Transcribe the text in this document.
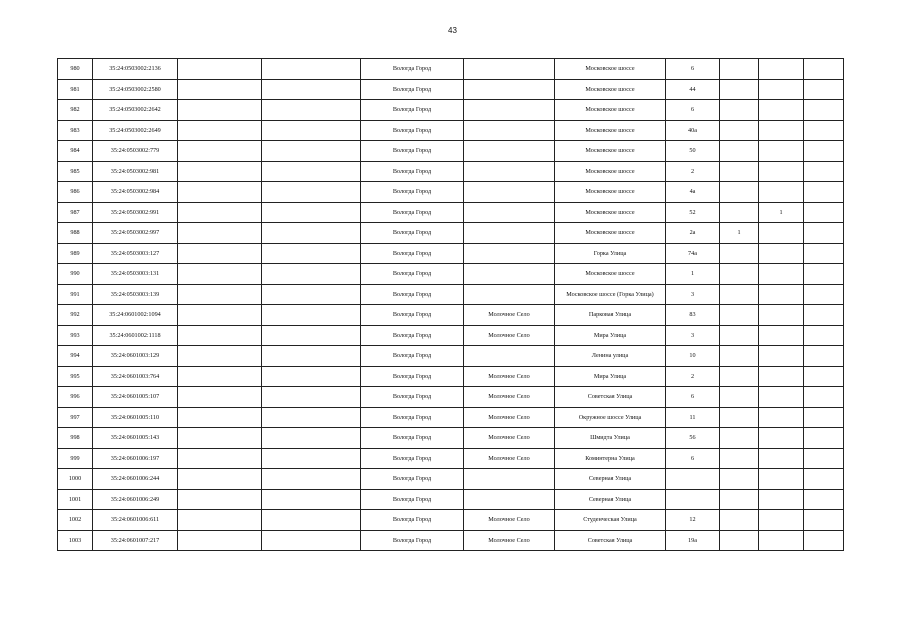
43
980	35:24:0503002:2136			Вологда Город		Московское шоссе	6			
981	35:24:0503002:2580			Вологда Город		Московское шоссе	44			
982	35:24:0503002:2642			Вологда Город		Московское шоссе	6			
983	35:24:0503002:2649			Вологда Город		Московское шоссе	40a			
984	35:24:0503002:779			Вологда Город		Московское шоссе	50			
985	35:24:0503002:981			Вологда Город		Московское шоссе	2			
986	35:24:0503002:984			Вологда Город		Московское шоссе	4a			
987	35:24:0503002:991			Вологда Город		Московское шоссе	52		1	
988	35:24:0503002:997			Вологда Город		Московское шоссе	2a	1		
989	35:24:0503003:127			Вологда Город		Горка Улица	74a			
990	35:24:0503003:131			Вологда Город		Московское шоссе	1			
991	35:24:0503003:139			Вологда Город		Московское шоссе (Горка Улица)	3			
992	35:24:0601002:1094			Вологда Город	Молочное Село	Парковая Улица	83			
993	35:24:0601002:1118			Вологда Город	Молочное Село	Мира Улица	3			
994	35:24:0601003:129			Вологда Город		Ленина улица	10			
995	35:24:0601003:764			Вологда Город	Молочное Село	Мира Улица	2			
996	35:24:0601005:107			Вологда Город	Молочное Село	Советская Улица	6			
997	35:24:0601005:110			Вологда Город	Молочное Село	Окружное шоссе Улица	11			
998	35:24:0601005:143			Вологда Город	Молочное Село	Шмидта Улица	56			
999	35:24:0601006:197			Вологда Город	Молочное Село	Коминтерна Улица	6			
1000	35:24:0601006:244			Вологда Город		Северная Улица				
1001	35:24:0601006:249			Вологда Город		Северная Улица				
1002	35:24:0601006:611			Вологда Город	Молочное Село	Студенческая Улица	12			
1003	35:24:0601007:217			Вологда Город	Молочное Село	Советская Улица	19a			
